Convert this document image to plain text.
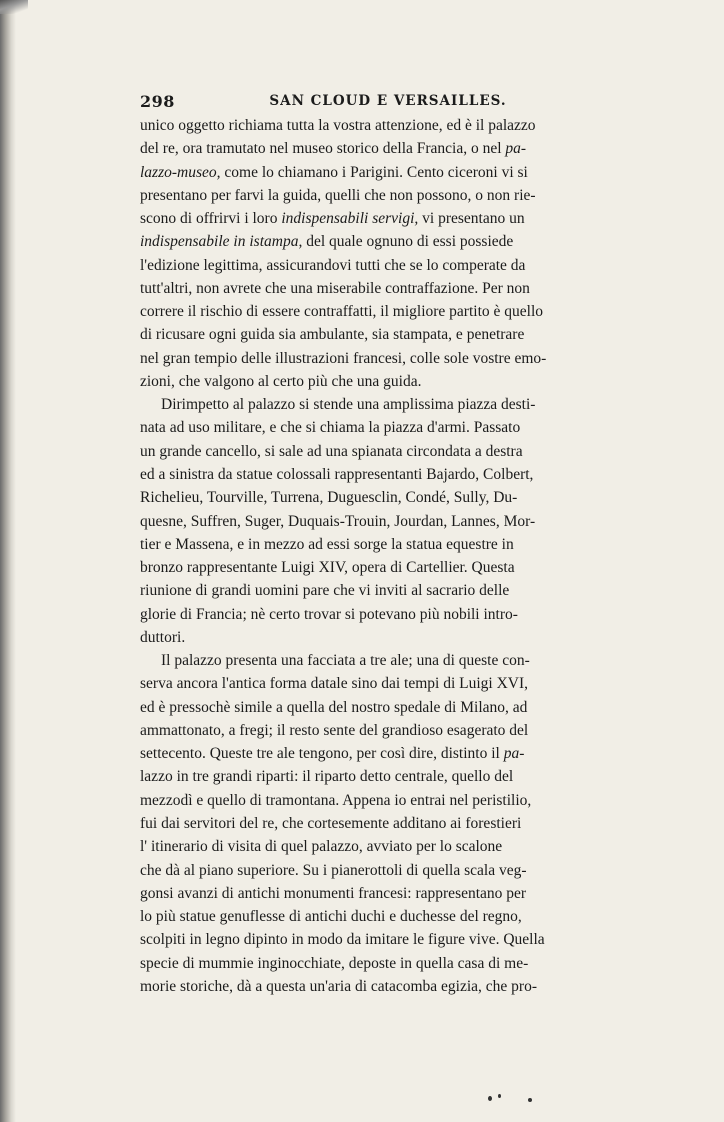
298	SAN CLOUD E VERSAILLES.
unico oggetto richiama tutta la vostra attenzione, ed è il palazzo
del re, ora tramutato nel museo storico della Francia, o nel pa-
lazzo-museo, come lo chiamano i Parigini. Cento ciceroni vi si
presentano per farvi la guida, quelli che non possono, o non rie-
scono di offrirvi i loro indispensabili servigi, vi presentano un
indispensabile in istampa, del quale ognuno di essi possiede
l'edizione legittima, assicurandovi tutti che se lo comperate da
tutt'altri, non avrete che una miserabile contraffazione. Per non
correre il rischio di essere contraffatti, il migliore partito è quello
di ricusare ogni guida sia ambulante, sia stampata, e penetrare
nel gran tempio delle illustrazioni francesi, colle sole vostre emo-
zioni, che valgono al certo più che una guida.
Dirimpetto al palazzo si stende una amplissima piazza desti-
nata ad uso militare, e che si chiama la piazza d'armi. Passato
un grande cancello, si sale ad una spianata circondata a destra
ed a sinistra da statue colossali rappresentanti Bajardo, Colbert,
Richelieu, Tourville, Turrena, Duguesclin, Condé, Sully, Du-
quesne, Suffren, Suger, Duquais-Trouin, Jourdan, Lannes, Mor-
tier e Massena, e in mezzo ad essi sorge la statua equestre in
bronzo rappresentante Luigi XIV, opera di Cartellier. Questa
riunione di grandi uomini pare che vi inviti al sacrario delle
glorie di Francia; nè certo trovar si potevano più nobili intro-
duttori.
Il palazzo presenta una facciata a tre ale; una di queste con-
serva ancora l'antica forma datale sino dai tempi di Luigi XVI,
ed è pressochè simile a quella del nostro spedale di Milano, ad
ammattonato, a fregi; il resto sente del grandioso esagerato del
settecento. Queste tre ale tengono, per così dire, distinto il pa-
lazzo in tre grandi riparti: il riparto detto centrale, quello del
mezzodì e quello di tramontana. Appena io entrai nel peristilio,
fui dai servitori del re, che cortesemente additano ai forestieri
l' itinerario di visita di quel palazzo, avviato per lo scalone
che dà al piano superiore. Su i pianerottoli di quella scala veg-
gonsi avanzi di antichi monumenti francesi: rappresentano per
lo più statue genuflesse di antichi duchi e duchesse del regno,
scolpiti in legno dipinto in modo da imitare le figure vive. Quella
specie di mummie inginocchiate, deposte in quella casa di me-
morie storiche, dà a questa un'aria di catacomba egizia, che pro-
